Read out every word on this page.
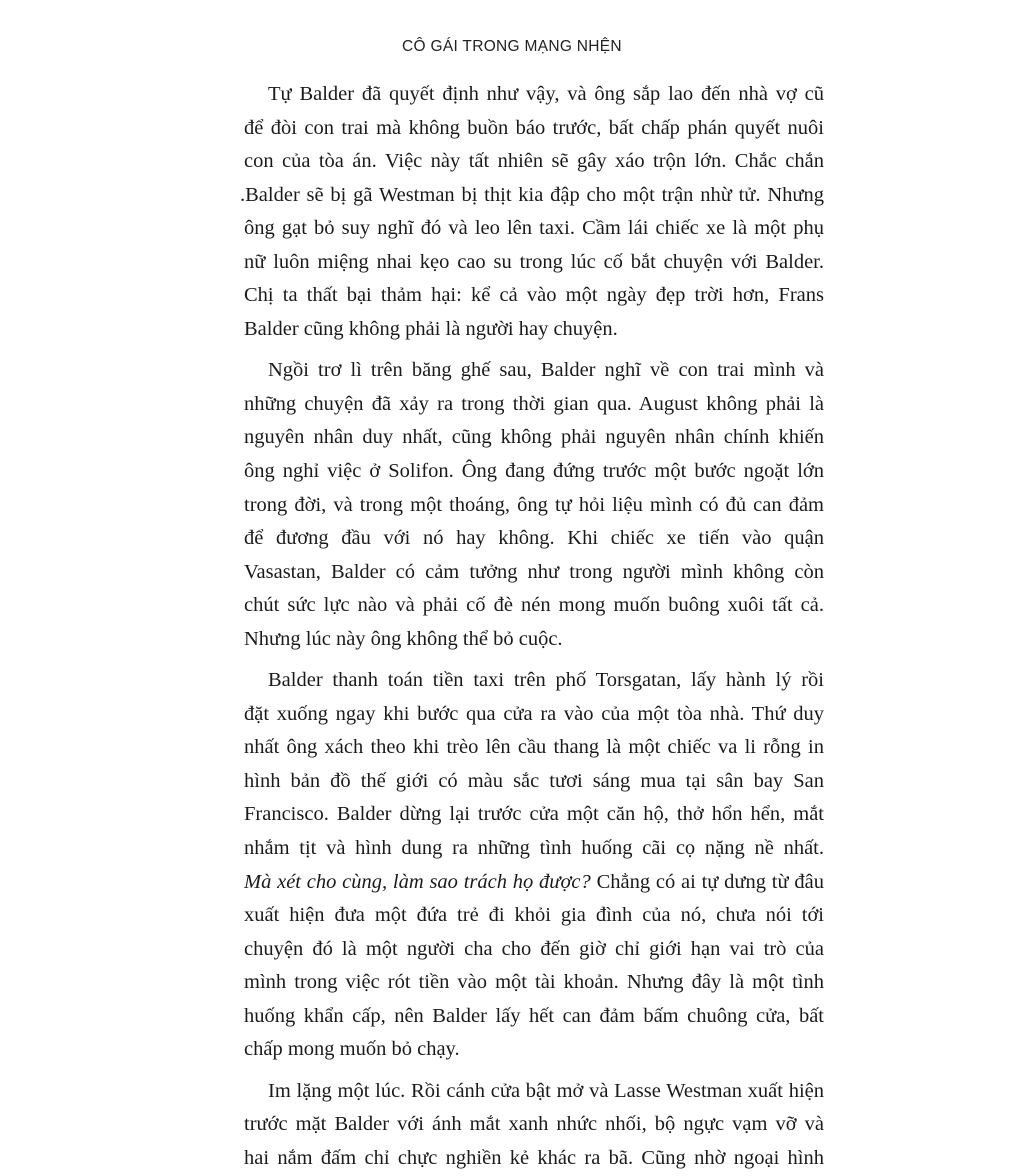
CÔ GÁI TRONG MẠNG NHỆN
Tự Balder đã quyết định như vậy, và ông sắp lao đến nhà vợ cũ
để đòi con trai mà không buồn báo trước, bất chấp phán quyết nuôi
con của tòa án. Việc này tất nhiên sẽ gây xáo trộn lớn. Chắc chắn
.Balder sẽ bị gã Westman bị thịt kia đập cho một trận nhừ tử. Nhưng
ông gạt bỏ suy nghĩ đó và leo lên taxi. Cầm lái chiếc xe là một phụ
nữ luôn miệng nhai kẹo cao su trong lúc cố bắt chuyện với Balder.
Chị ta thất bại thảm hại: kể cả vào một ngày đẹp trời hơn, Frans
Balder cũng không phải là người hay chuyện.
Ngồi trơ lì trên băng ghế sau, Balder nghĩ về con trai mình và
những chuyện đã xảy ra trong thời gian qua. August không phải là
nguyên nhân duy nhất, cũng không phải nguyên nhân chính khiến
ông nghỉ việc ở Solifon. Ông đang đứng trước một bước ngoặt lớn
trong đời, và trong một thoáng, ông tự hỏi liệu mình có đủ can đảm
để đương đầu với nó hay không. Khi chiếc xe tiến vào quận
Vasastan, Balder có cảm tưởng như trong người mình không còn
chút sức lực nào và phải cố đè nén mong muốn buông xuôi tất cả.
Nhưng lúc này ông không thể bỏ cuộc.
Balder thanh toán tiền taxi trên phố Torsgatan, lấy hành lý rồi
đặt xuống ngay khi bước qua cửa ra vào của một tòa nhà. Thứ duy
nhất ông xách theo khi trèo lên cầu thang là một chiếc va li rỗng in
hình bản đồ thế giới có màu sắc tươi sáng mua tại sân bay San
Francisco. Balder dừng lại trước cửa một căn hộ, thở hổn hển, mắt
nhắm tịt và hình dung ra những tình huống cãi cọ nặng nề nhất.
Mà xét cho cùng, làm sao trách họ được? Chẳng có ai tự dưng từ đâu
xuất hiện đưa một đứa trẻ đi khỏi gia đình của nó, chưa nói tới
chuyện đó là một người cha cho đến giờ chỉ giới hạn vai trò của
mình trong việc rót tiền vào một tài khoản. Nhưng đây là một tình
huống khẩn cấp, nên Balder lấy hết can đảm bấm chuông cửa, bất
chấp mong muốn bỏ chạy.
Im lặng một lúc. Rồi cánh cửa bật mở và Lasse Westman xuất hiện
trước mặt Balder với ánh mắt xanh nhức nhối, bộ ngực vạm vỡ và
hai nắm đấm chỉ chực nghiền kẻ khác ra bã. Cũng nhờ ngoại hình
